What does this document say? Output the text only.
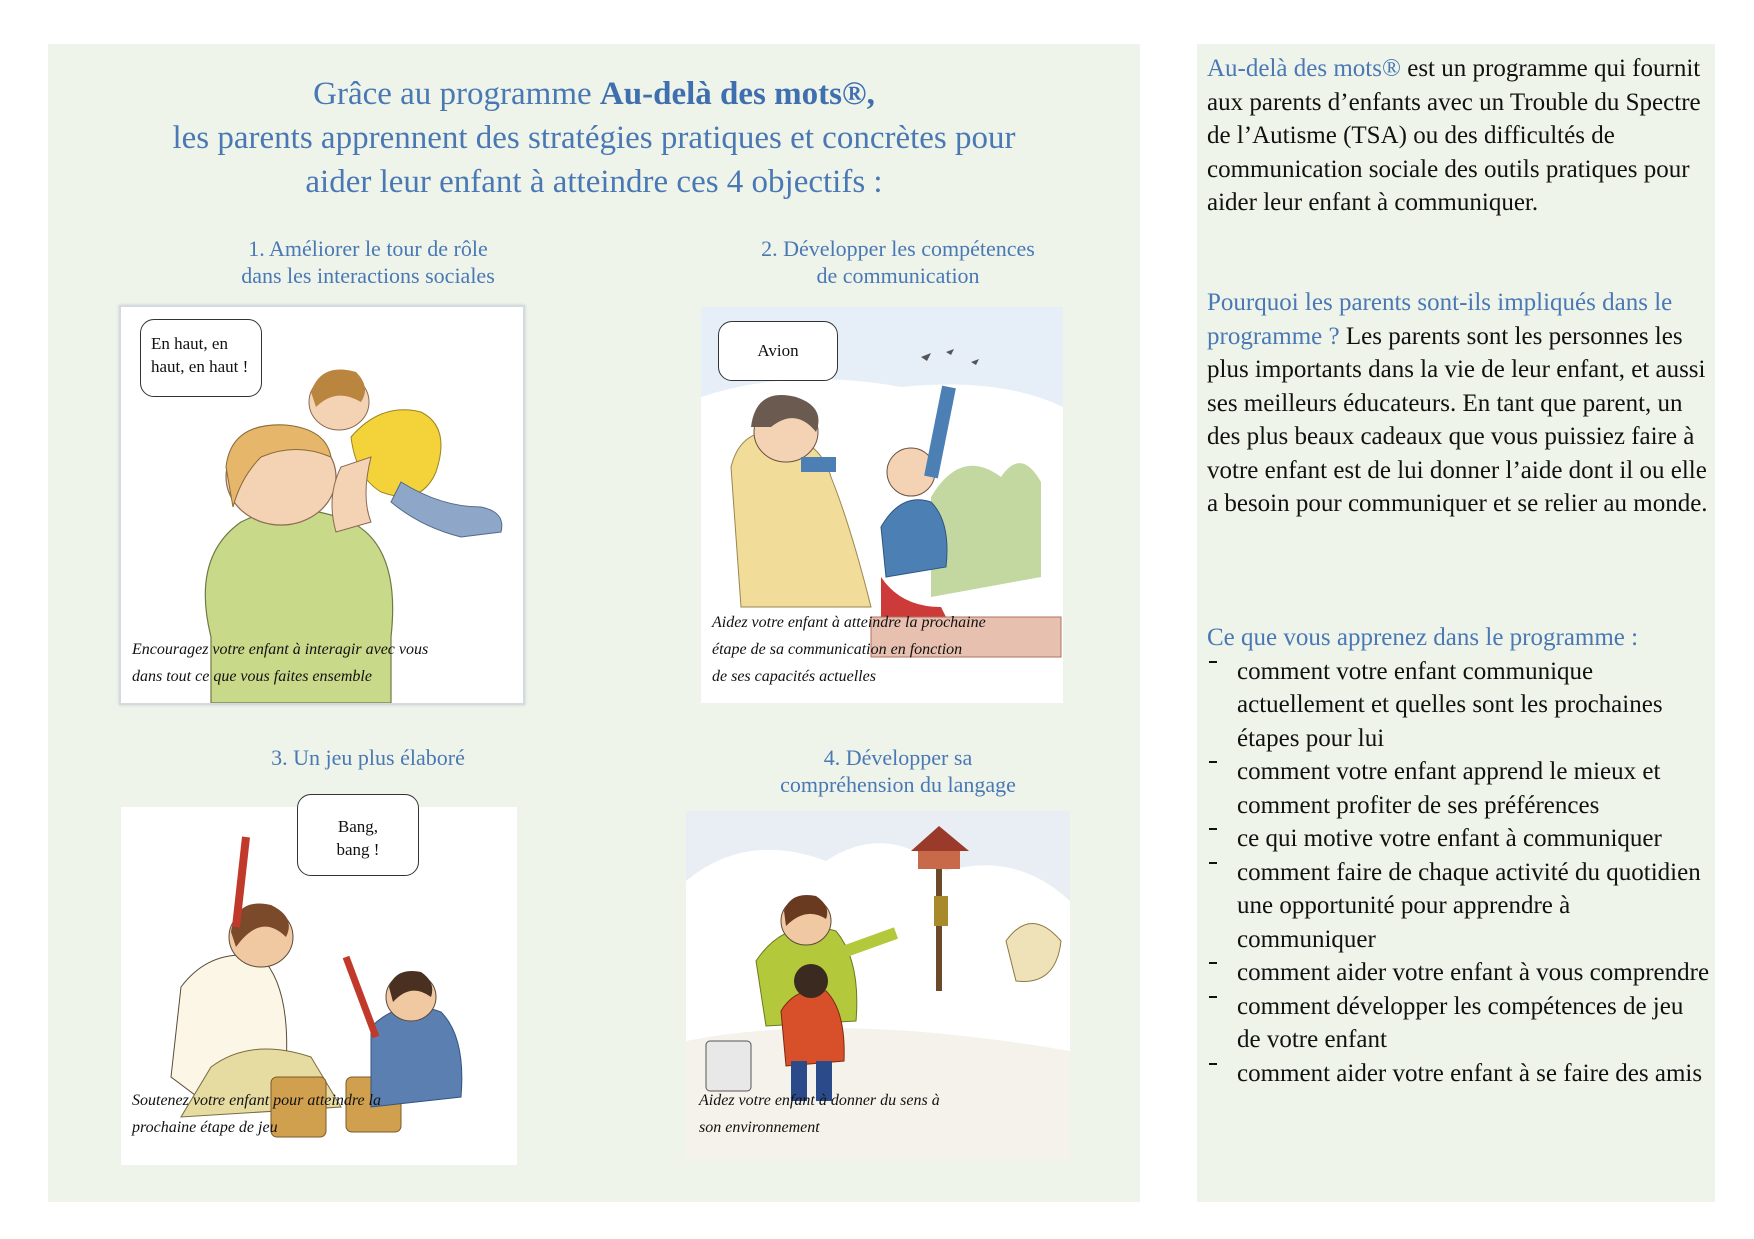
Grâce au programme Au-delà des mots®,
les parents apprennent des stratégies pratiques et concrètes pour
aider leur enfant à atteindre ces 4 objectifs :
1. Améliorer le tour de rôle
dans les interactions sociales
En haut, en
haut, en haut !
Encouragez votre enfant à interagir avec vous
dans tout ce que vous faites ensemble
2. Développer les compétences
de communication
Avion
Aidez votre enfant à atteindre la prochaine
étape de sa communication en fonction
de ses capacités actuelles
3. Un jeu plus élaboré
Bang,
bang !
Soutenez votre enfant pour atteindre la
prochaine étape de jeu
4. Développer sa
compréhension du langage
Aidez votre enfant à donner du sens à
son environnement
Au-delà des mots® est un programme qui fournit aux parents d’enfants avec un Trouble du Spectre de l’Autisme (TSA) ou des difficultés de communication sociale des outils pratiques pour aider leur enfant à communiquer.
Pourquoi les parents sont-ils impliqués dans le programme ? Les parents sont les personnes les plus importants dans la vie de leur enfant, et aussi ses meilleurs éducateurs. En tant que parent, un des plus beaux cadeaux que vous puissiez faire à votre enfant est de lui donner l’aide dont il ou elle a besoin pour communiquer et se relier au monde.
Ce que vous apprenez dans le programme :
comment votre enfant communique actuellement et quelles sont les prochaines étapes pour lui
comment votre enfant apprend le mieux et comment profiter de ses préférences
ce qui motive votre enfant à communiquer
comment faire de chaque activité du quotidien une opportunité pour apprendre à communiquer
comment aider votre enfant à vous comprendre
comment développer les compétences de jeu de votre enfant
comment aider votre enfant à se faire des amis
